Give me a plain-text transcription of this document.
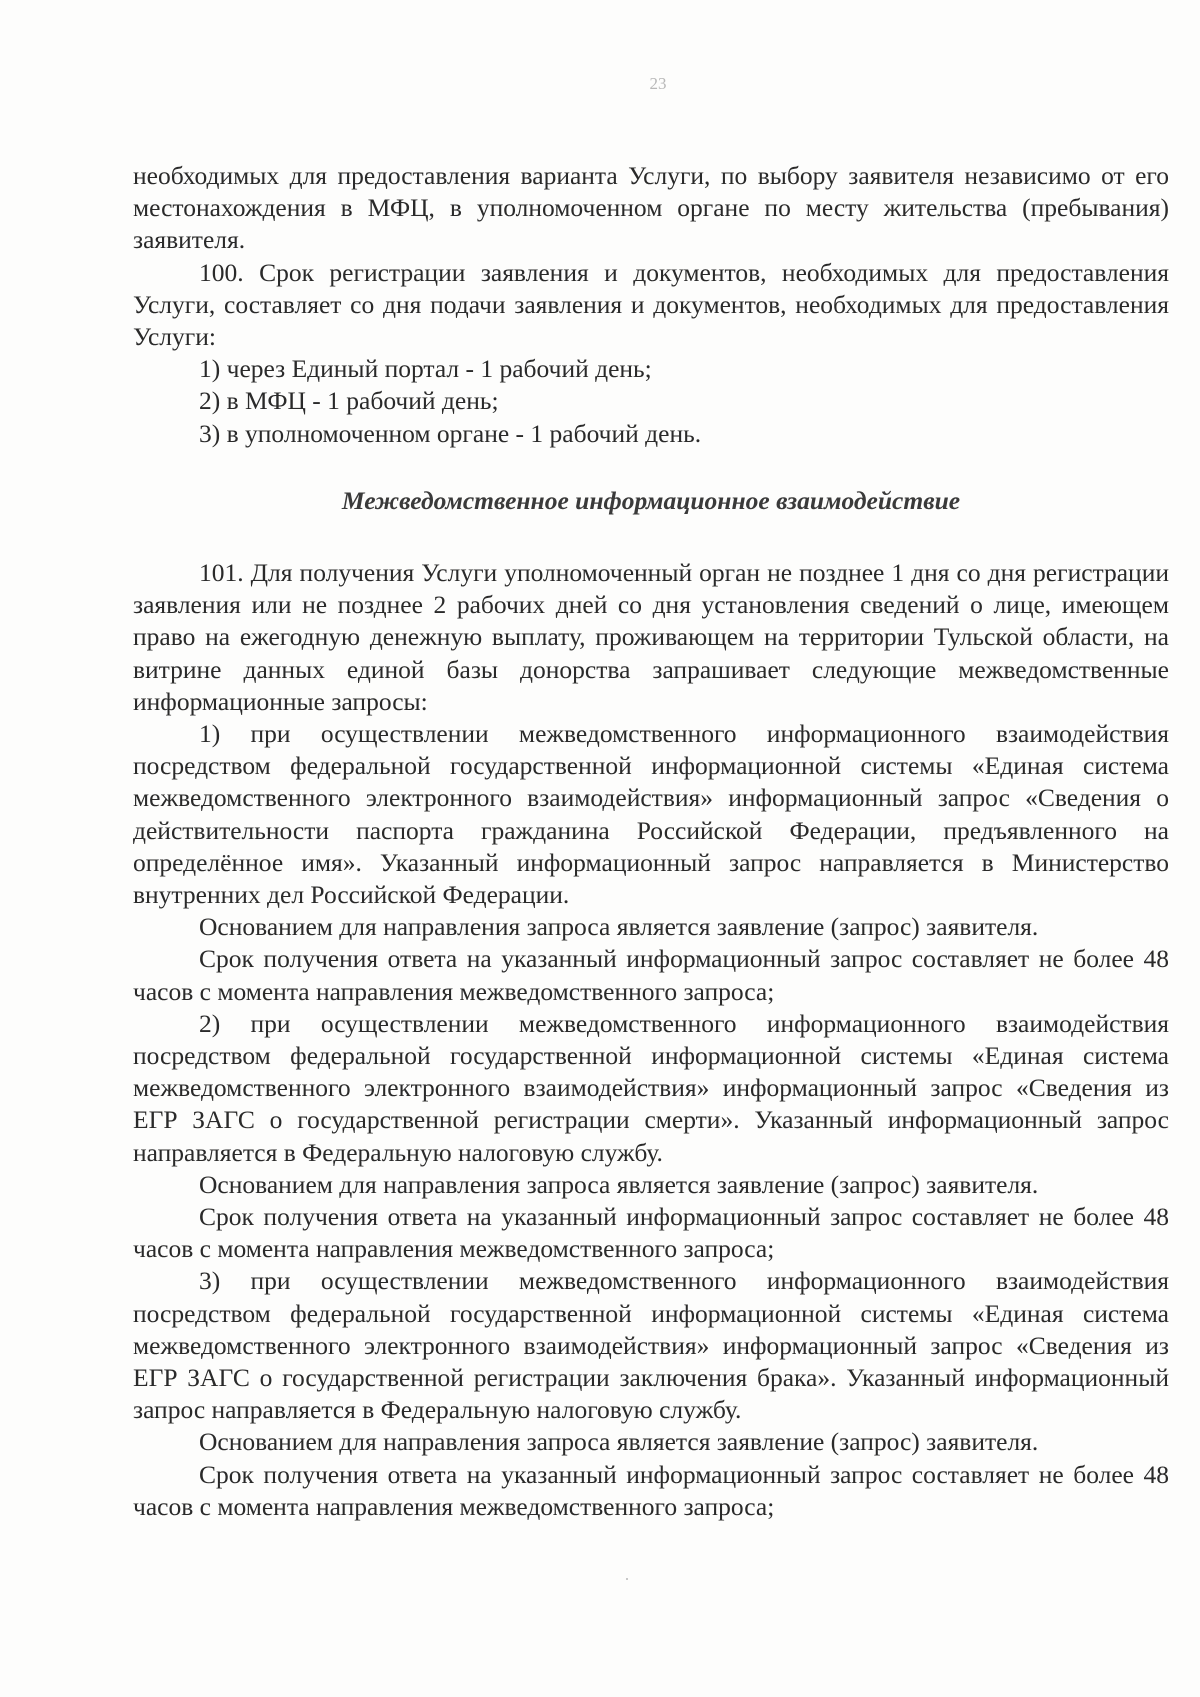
23

необходимых для предоставления варианта Услуги, по выбору заявителя независимо от его местонахождения в МФЦ, в уполномоченном органе по месту жительства (пребывания) заявителя.

100. Срок регистрации заявления и документов, необходимых для предоставления Услуги, составляет со дня подачи заявления и документов, необходимых для предоставления Услуги:

1) через Единый портал - 1 рабочий день;

2) в МФЦ - 1 рабочий день;

3) в уполномоченном органе - 1 рабочий день.

Межведомственное информационное взаимодействие

101. Для получения Услуги уполномоченный орган не позднее 1 дня со дня регистрации заявления или не позднее 2 рабочих дней со дня установления сведений о лице, имеющем право на ежегодную денежную выплату, проживающем на территории Тульской области, на витрине данных единой базы донорства запрашивает следующие межведомственные информационные запросы:

1) при осуществлении межведомственного информационного взаимодействия посредством федеральной государственной информационной системы «Единая система межведомственного электронного взаимодействия» информационный запрос «Сведения о действительности паспорта гражданина Российской Федерации, предъявленного на определённое имя». Указанный информационный запрос направляется в Министерство внутренних дел Российской Федерации.

Основанием для направления запроса является заявление (запрос) заявителя.

Срок получения ответа на указанный информационный запрос составляет не более 48 часов с момента направления межведомственного запроса;

2) при осуществлении межведомственного информационного взаимодействия посредством федеральной государственной информационной системы «Единая система межведомственного электронного взаимодействия» информационный запрос «Сведения из ЕГР ЗАГС о государственной регистрации смерти». Указанный информационный запрос направляется в Федеральную налоговую службу.

Основанием для направления запроса является заявление (запрос) заявителя.

Срок получения ответа на указанный информационный запрос составляет не более 48 часов с момента направления межведомственного запроса;

3) при осуществлении межведомственного информационного взаимодействия посредством федеральной государственной информационной системы «Единая система межведомственного электронного взаимодействия» информационный запрос «Сведения из ЕГР ЗАГС о государственной регистрации заключения брака». Указанный информационный запрос направляется в Федеральную налоговую службу.

Основанием для направления запроса является заявление (запрос) заявителя.

Срок получения ответа на указанный информационный запрос составляет не более 48 часов с момента направления межведомственного запроса;
